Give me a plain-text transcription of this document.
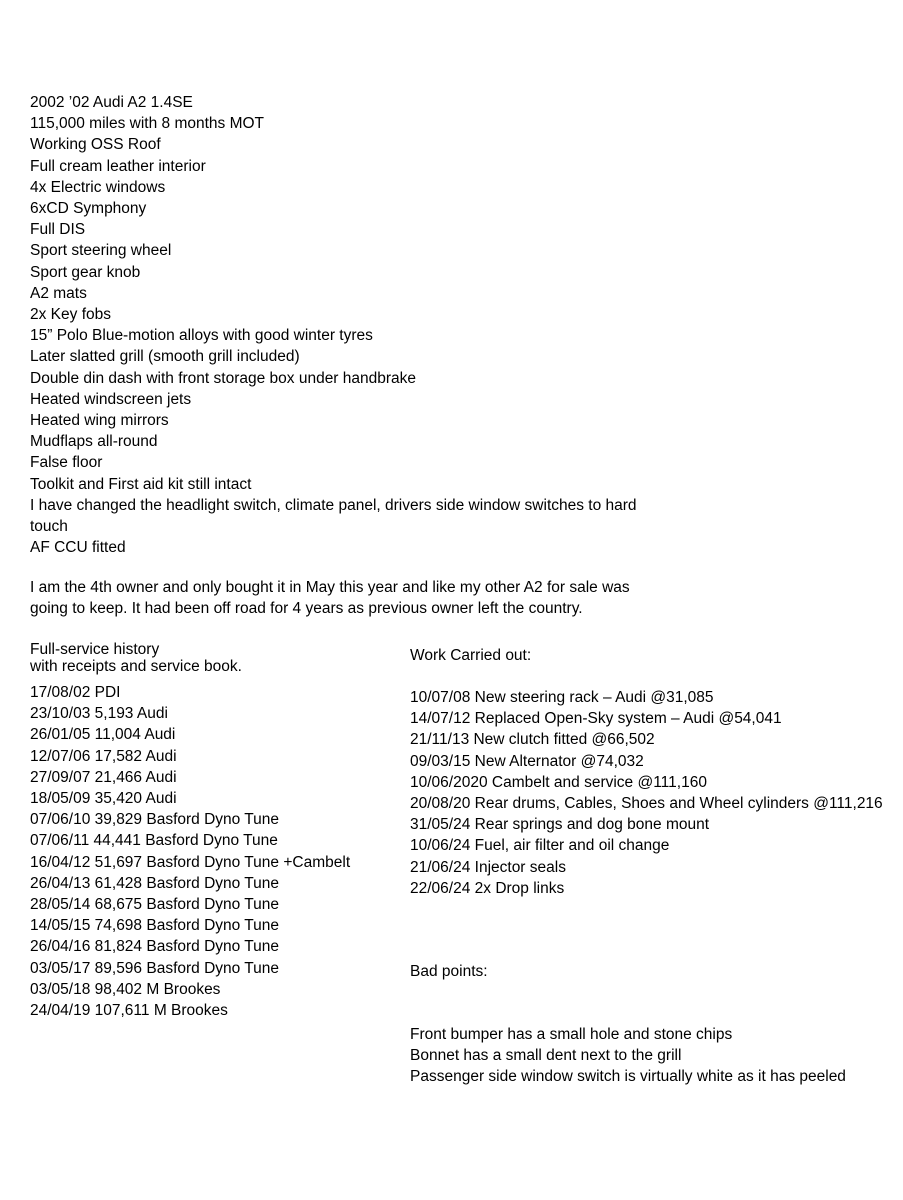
2002 ’02 Audi A2 1.4SE
115,000 miles with 8 months MOT
Working OSS Roof
Full cream leather interior
4x Electric windows
6xCD Symphony
Full DIS
Sport steering wheel
Sport gear knob
A2 mats
2x Key fobs
15” Polo Blue-motion alloys with good winter tyres
Later slatted grill (smooth grill included)
Double din dash with front storage box under handbrake
Heated windscreen jets
Heated wing mirrors
Mudflaps all-round
False floor
Toolkit and First aid kit still intact
I have changed the headlight switch, climate panel, drivers side window switches to hard touch
AF CCU fitted

I am the 4th owner and only bought it in May this year and like my other A2 for sale was going to keep. It had been off road for 4 years as previous owner left the country.

Full-service history
with receipts and service book.
17/08/02 PDI
23/10/03 5,193 Audi
26/01/05 11,004 Audi
12/07/06 17,582 Audi
27/09/07 21,466 Audi
18/05/09 35,420 Audi
07/06/10 39,829 Basford Dyno Tune
07/06/11 44,441 Basford Dyno Tune
16/04/12 51,697 Basford Dyno Tune +Cambelt
26/04/13 61,428 Basford Dyno Tune
28/05/14 68,675 Basford Dyno Tune
14/05/15 74,698 Basford Dyno Tune
26/04/16 81,824 Basford Dyno Tune
03/05/17 89,596 Basford Dyno Tune
03/05/18 98,402 M Brookes
24/04/19 107,611 M Brookes
Work Carried out:
10/07/08 New steering rack – Audi @31,085
14/07/12 Replaced Open-Sky system – Audi @54,041
21/11/13 New clutch fitted @66,502
09/03/15 New Alternator @74,032
10/06/2020 Cambelt and service @111,160
20/08/20 Rear drums, Cables, Shoes and Wheel cylinders @111,216
31/05/24 Rear springs and dog bone mount
10/06/24 Fuel, air filter and oil change
21/06/24 Injector seals
22/06/24 2x Drop links
Bad points:
Front bumper has a small hole and stone chips
Bonnet has a small dent next to the grill
Passenger side window switch is virtually white as it has peeled
